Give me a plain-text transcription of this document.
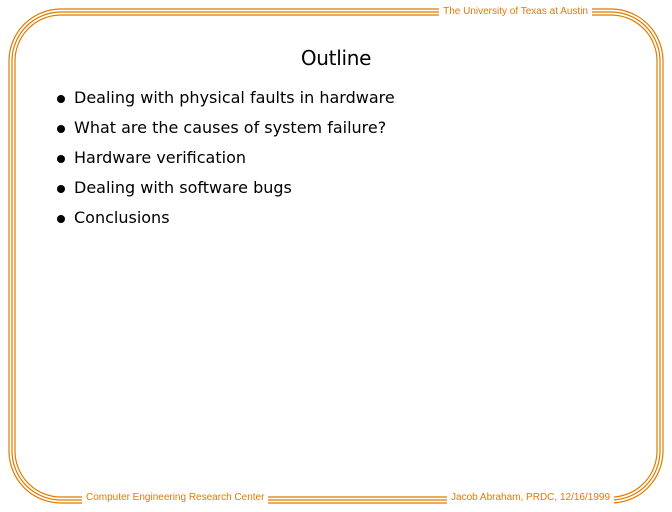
The University of Texas at Austin
Outline
Dealing with physical faults in hardware
What are the causes of system failure?
Hardware verification
Dealing with software bugs
Conclusions
Computer Engineering Research Center	Jacob Abraham, PRDC, 12/16/1999
